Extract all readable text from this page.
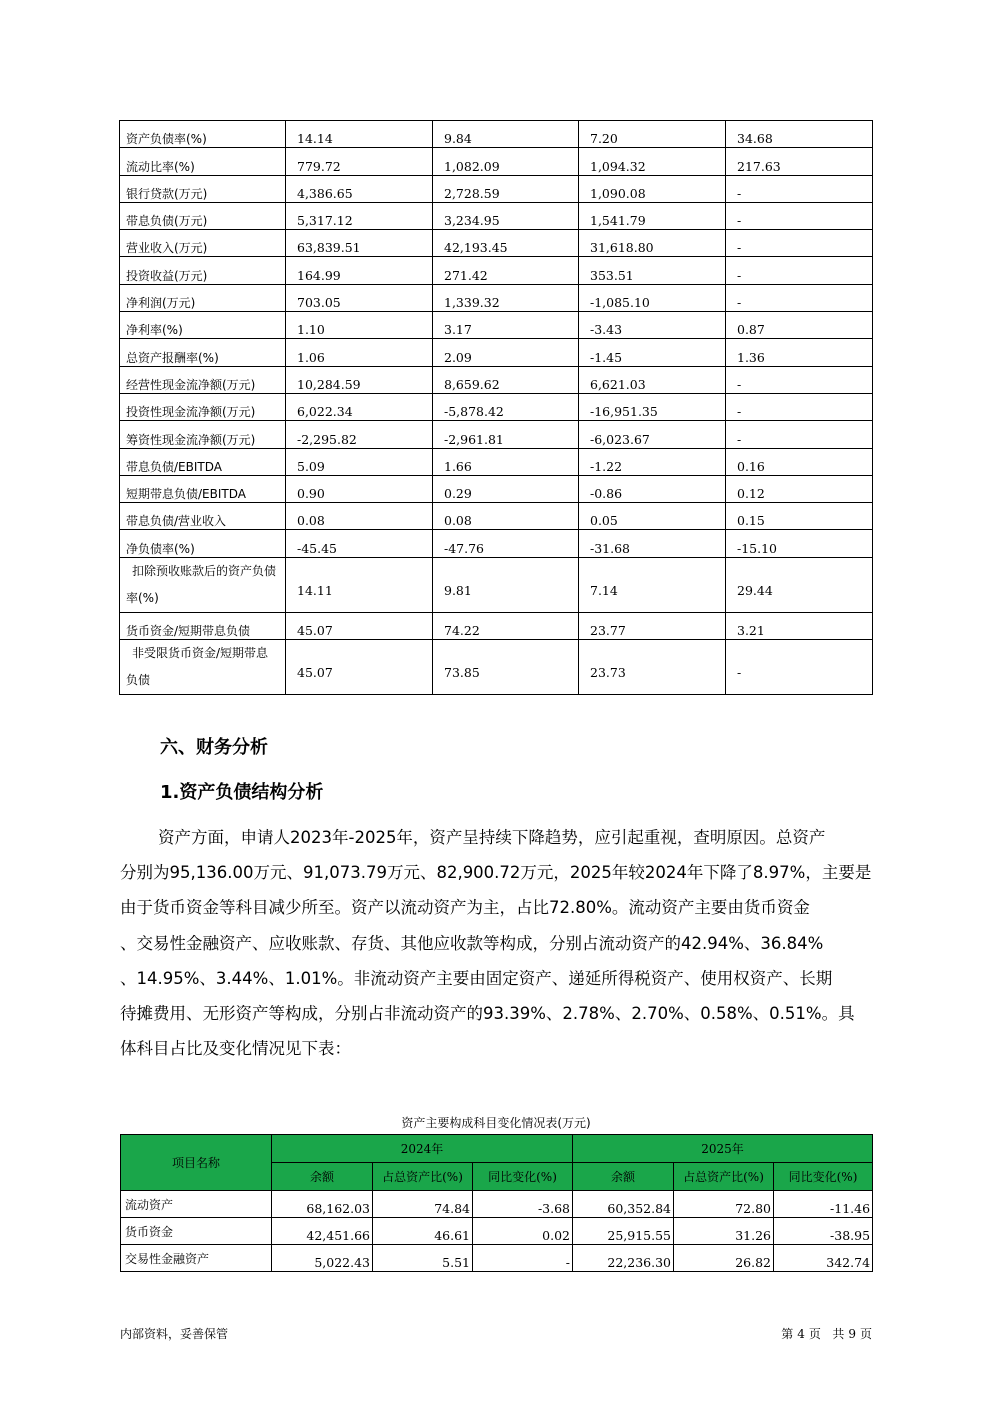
资产负债率(%)	14.14	9.84	7.20	34.68
流动比率(%)	779.72	1,082.09	1,094.32	217.63
银行贷款(万元)	4,386.65	2,728.59	1,090.08	-
带息负债(万元)	5,317.12	3,234.95	1,541.79	-
营业收入(万元)	63,839.51	42,193.45	31,618.80	-
投资收益(万元)	164.99	271.42	353.51	-
净利润(万元)	703.05	1,339.32	-1,085.10	-
净利率(%)	1.10	3.17	-3.43	0.87
总资产报酬率(%)	1.06	2.09	-1.45	1.36
经营性现金流净额(万元)	10,284.59	8,659.62	6,621.03	-
投资性现金流净额(万元)	6,022.34	-5,878.42	-16,951.35	-
筹资性现金流净额(万元)	-2,295.82	-2,961.81	-6,023.67	-
带息负债/EBITDA	5.09	1.66	-1.22	0.16
短期带息负债/EBITDA	0.90	0.29	-0.86	0.12
带息负债/营业收入	0.08	0.08	0.05	0.15
净负债率(%)	-45.45	-47.76	-31.68	-15.10

扣除预收账款后的资产负债
率(%)	14.11	9.81	7.14	29.44
货币资金/短期带息负债	45.07	74.22	23.77	3.21

非受限货币资金/短期带息
负债	45.07	73.85	23.73	-
六、财务分析
1.资产负债结构分析
资产方面，申请人2023年-2025年，资产呈持续下降趋势，应引起重视，查明原因。总资产
分别为95,136.00万元、91,073.79万元、82,900.72万元，2025年较2024年下降了8.97%，主要是
由于货币资金等科目减少所至。资产以流动资产为主，占比72.80%。流动资产主要由货币资金
、交易性金融资产、应收账款、存货、其他应收款等构成，分别占流动资产的42.94%、36.84%
、14.95%、3.44%、1.01%。非流动资产主要由固定资产、递延所得税资产、使用权资产、长期
待摊费用、无形资产等构成，分别占非流动资产的93.39%、2.78%、2.70%、0.58%、0.51%。具
体科目占比及变化情况见下表：
资产主要构成科目变化情况表(万元)
项目名称	2024年			2025年		
	余额	占总资产比(%)	同比变化(%)	余额	占总资产比(%)	同比变化(%)
流动资产	68,162.03	74.84	-3.68	60,352.84	72.80	-11.46
货币资金	42,451.66	46.61	0.02	25,915.55	31.26	-38.95
交易性金融资产	5,022.43	5.51	-	22,236.30	26.82	342.74
内部资料，妥善保管	第 4 页 共 9 页
